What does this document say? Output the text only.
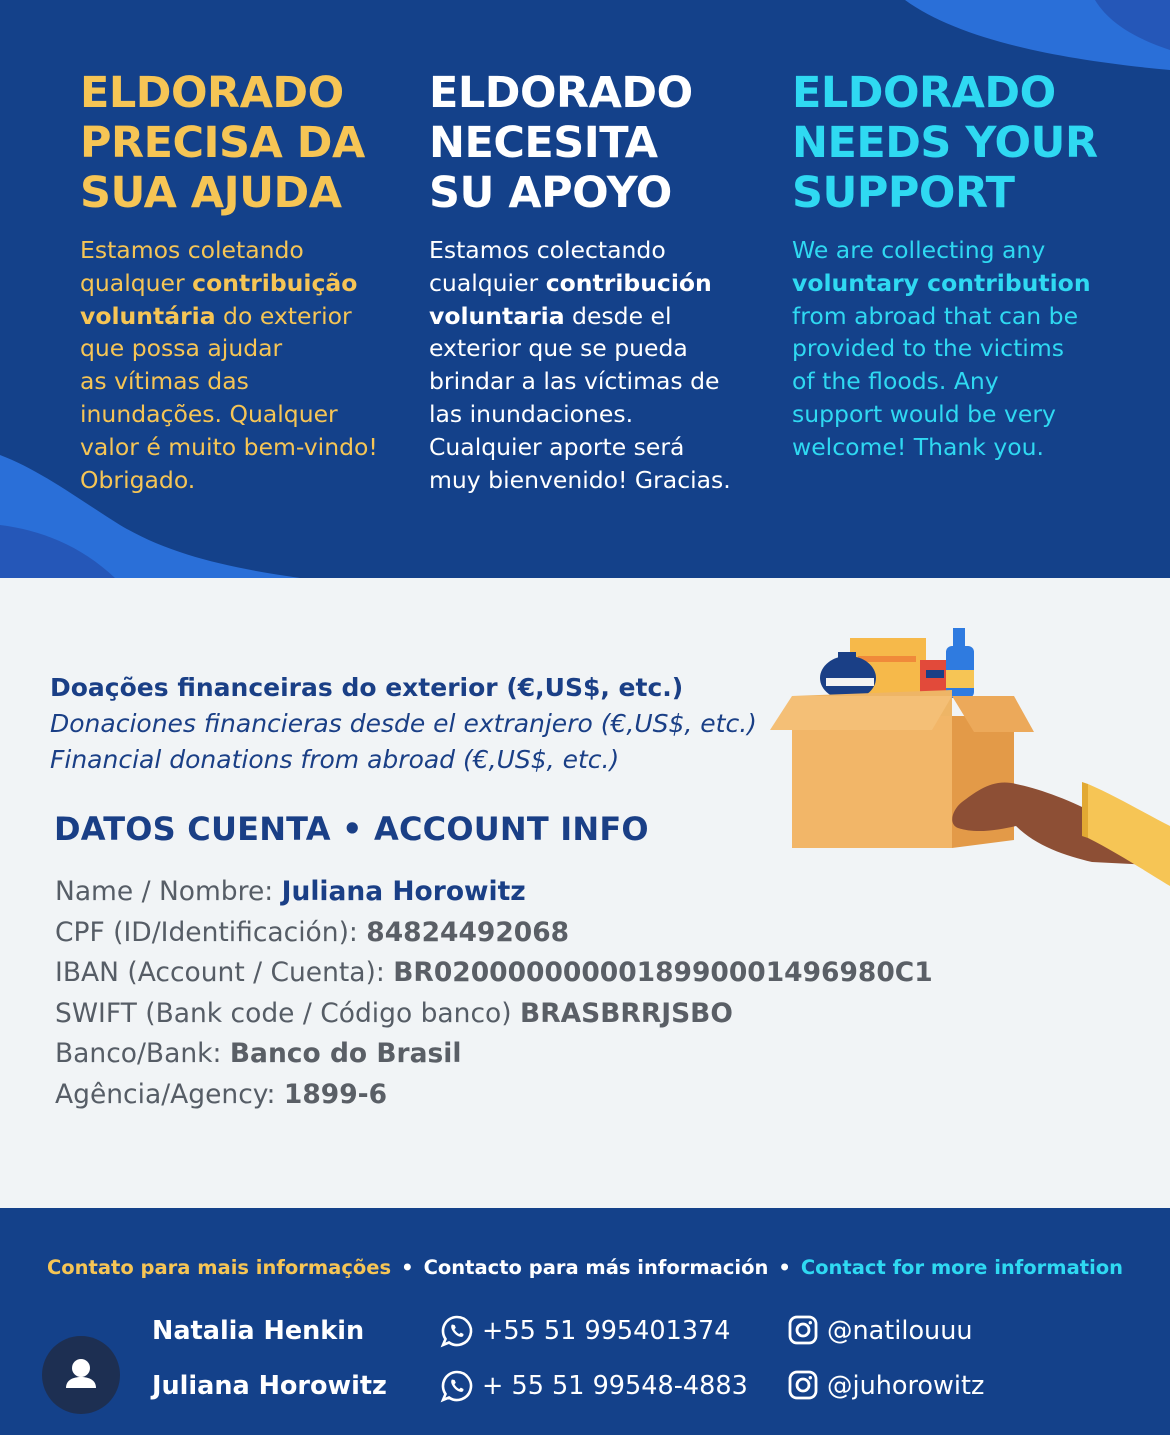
ELDORADO
PRECISA DA
SUA AJUDA

Estamos coletando
qualquer contribuição
voluntária do exterior
que possa ajudar
as vítimas das
inundações. Qualquer
valor é muito bem-vindo!
Obrigado.

ELDORADO
NECESITA
SU APOYO

Estamos colectando
cualquier contribución
voluntaria desde el
exterior que se pueda
brindar a las víctimas de
las inundaciones.
Cualquier aporte será
muy bienvenido! Gracias.

ELDORADO
NEEDS YOUR
SUPPORT

We are collecting any
voluntary contribution
from abroad that can be
provided to the victims
of the floods. Any
support would be very
welcome! Thank you.

Doações financeiras do exterior (€,US$, etc.)
Donaciones financieras desde el extranjero (€,US$, etc.)
Financial donations from abroad (€,US$, etc.)
DATOS CUENTA • ACCOUNT INFO
Name / Nombre: Juliana Horowitz
CPF (ID/Identificación): 84824492068
IBAN (Account / Cuenta): BR0200000000018990001496980C1
SWIFT (Bank code / Código banco) BRASBRRJSBO
Banco/Bank: Banco do Brasil
Agência/Agency: 1899-6
Contato para mais informações • Contacto para más información • Contact for more information
Natalia Henkin	+55 51 995401374	@natilouuu
Juliana Horowitz	+ 55 51 99548-4883	@juhorowitz
